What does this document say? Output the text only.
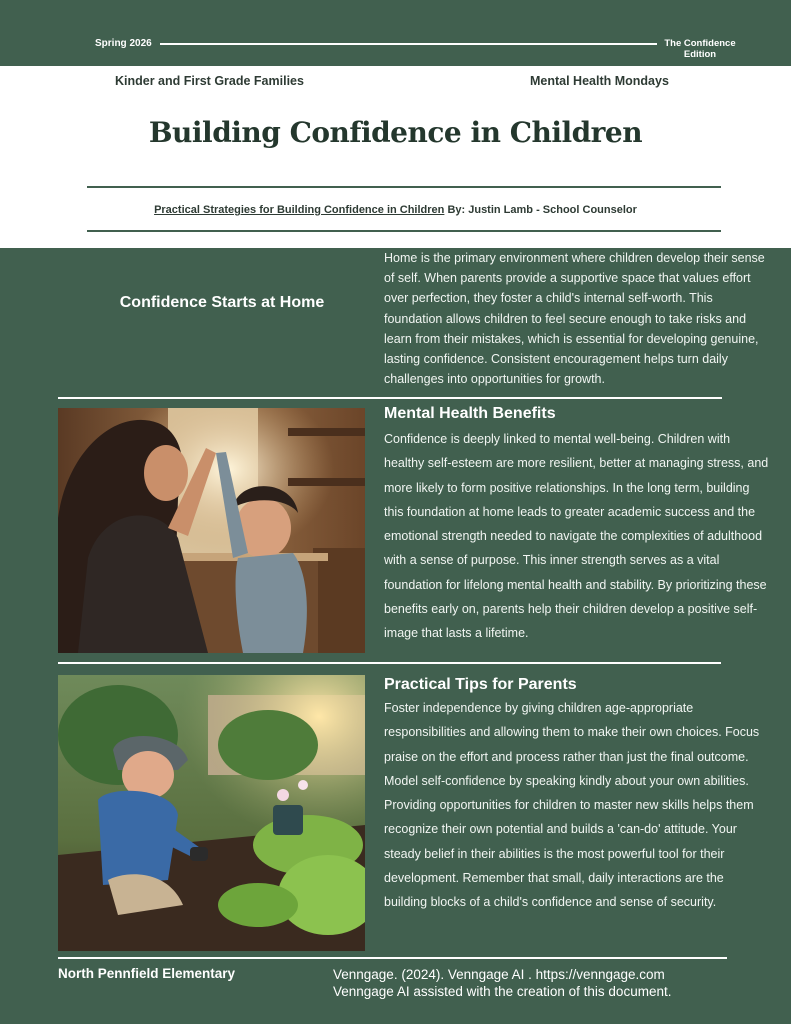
Spring 2026	The Confidence Edition
Kinder and First Grade Families	Mental Health Mondays
Building Confidence in Children
Practical Strategies for Building Confidence in Children By: Justin Lamb - School Counselor
Confidence Starts at Home
Home is the primary environment where children develop their sense of self. When parents provide a supportive space that values effort over perfection, they foster a child's internal self-worth. This foundation allows children to feel secure enough to take risks and learn from their mistakes, which is essential for developing genuine, lasting confidence. Consistent encouragement helps turn daily challenges into opportunities for growth.
Mental Health Benefits
Confidence is deeply linked to mental well-being. Children with healthy self-esteem are more resilient, better at managing stress, and more likely to form positive relationships. In the long term, building this foundation at home leads to greater academic success and the emotional strength needed to navigate the complexities of adulthood with a sense of purpose. This inner strength serves as a vital foundation for lifelong mental health and stability. By prioritizing these benefits early on, parents help their children develop a positive self-image that lasts a lifetime.
Practical Tips for Parents
Foster independence by giving children age-appropriate responsibilities and allowing them to make their own choices. Focus praise on the effort and process rather than just the final outcome. Model self-confidence by speaking kindly about your own abilities. Providing opportunities for children to master new skills helps them recognize their own potential and builds a 'can-do' attitude. Your steady belief in their abilities is the most powerful tool for their development. Remember that small, daily interactions are the building blocks of a child's confidence and sense of security.
North Pennfield Elementary	Venngage. (2024). Venngage AI . https://venngage.com
Venngage AI assisted with the creation of this document.
